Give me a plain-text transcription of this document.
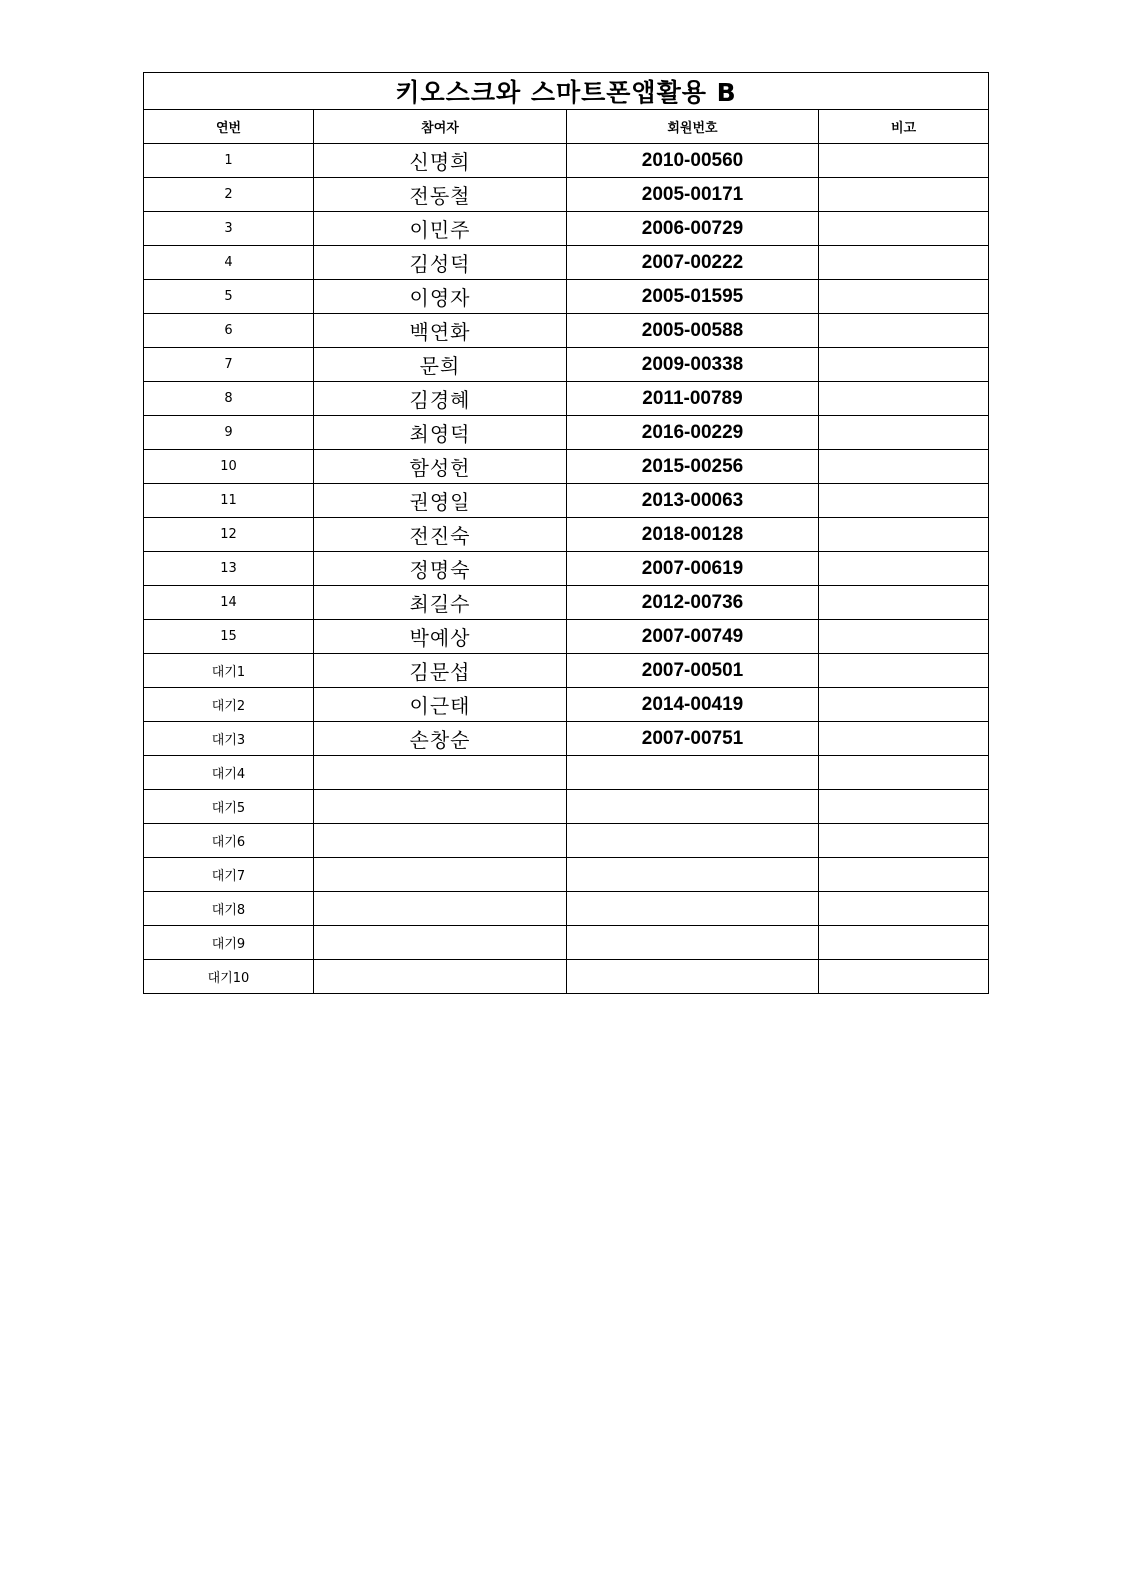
키오스크와 스마트폰앱활용 B			
연번	참여자	회원번호	비고
1	신명희	2010-00560	
2	전동철	2005-00171	
3	이민주	2006-00729	
4	김성덕	2007-00222	
5	이영자	2005-01595	
6	백연화	2005-00588	
7	문희	2009-00338	
8	김경혜	2011-00789	
9	최영덕	2016-00229	
10	함성헌	2015-00256	
11	권영일	2013-00063	
12	전진숙	2018-00128	
13	정명숙	2007-00619	
14	최길수	2012-00736	
15	박예상	2007-00749	
대기1	김문섭	2007-00501	
대기2	이근태	2014-00419	
대기3	손창순	2007-00751	
대기4			
대기5			
대기6			
대기7			
대기8			
대기9			
대기10			
